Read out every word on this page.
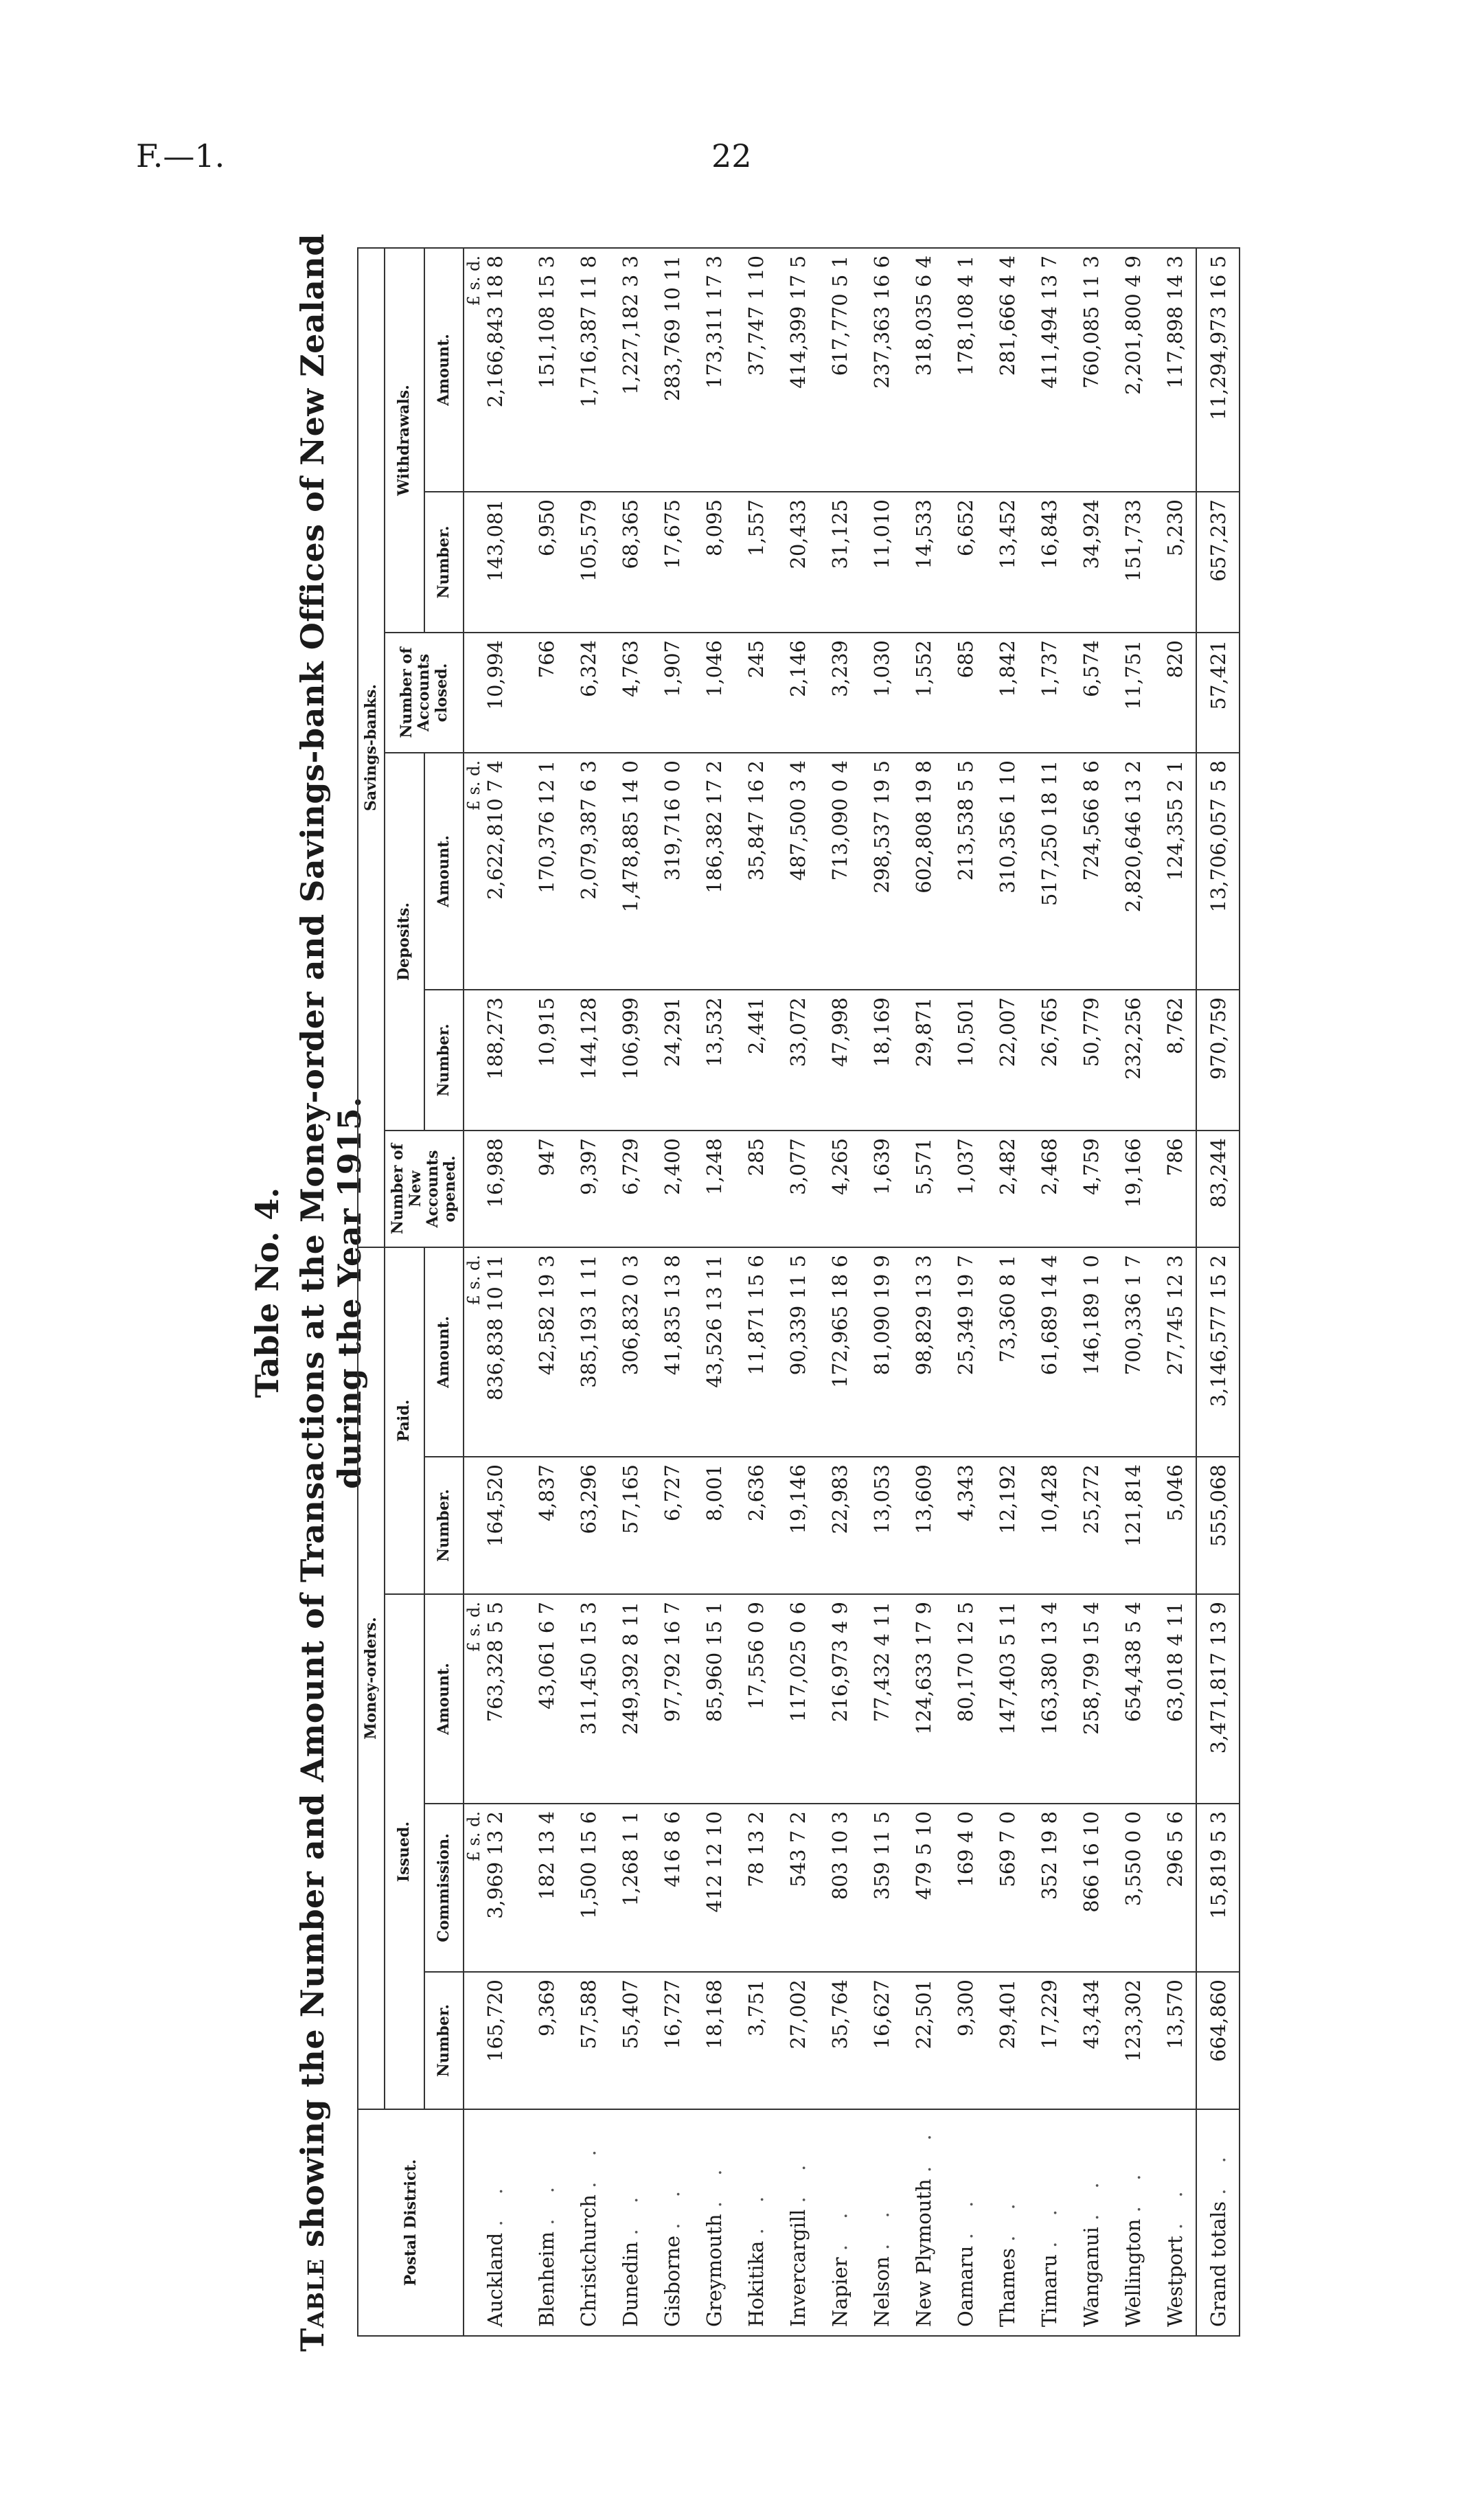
F.—1.	22
Table No. 4.
Table showing the Number and Amount of Transactions at the Money-order and Savings-bank Offices of New Zealand during the Year 1915.
Postal District.	Money-orders.					Savings-banks.					
	Issued.			Paid.		Number of New Accounts opened.	Deposits.		Number of Accounts closed.	Withdrawals.	
	Number.	Commission.	Amount.	Number.	Amount.		Number.	Amount.		Number.	Amount.
		£ s. d.	£ s. d.		£ s. d.			£ s. d.			£ s. d.
Auckland . .	165,720	3,969 13 2	763,328 5 5	164,520	836,838 10 11	16,988	188,273	2,622,810 7 4	10,994	143,081	2,166,843 18 8
Blenheim . .	9,369	182 13 4	43,061 6 7	4,837	42,582 19 3	947	10,915	170,376 12 1	766	6,950	151,108 15 3
Christchurch . .	57,588	1,500 15 6	311,450 15 3	63,296	385,193 1 11	9,397	144,128	2,079,387 6 3	6,324	105,579	1,716,387 11 8
Dunedin . .	55,407	1,268 1 1	249,392 8 11	57,165	306,832 0 3	6,729	106,999	1,478,885 14 0	4,763	68,365	1,227,182 3 3
Gisborne . .	16,727	416 8 6	97,792 16 7	6,727	41,835 13 8	2,400	24,291	319,716 0 0	1,907	17,675	283,769 10 11
Greymouth . .	18,168	412 12 10	85,960 15 1	8,001	43,526 13 11	1,248	13,532	186,382 17 2	1,046	8,095	173,311 17 3
Hokitika . .	3,751	78 13 2	17,556 0 9	2,636	11,871 15 6	285	2,441	35,847 16 2	245	1,557	37,747 1 10
Invercargill . .	27,002	543 7 2	117,025 0 6	19,146	90,339 11 5	3,077	33,072	487,500 3 4	2,146	20,433	414,399 17 5
Napier . .	35,764	803 10 3	216,973 4 9	22,983	172,965 18 6	4,265	47,998	713,090 0 4	3,239	31,125	617,770 5 1
Nelson . .	16,627	359 11 5	77,432 4 11	13,053	81,090 19 9	1,639	18,169	298,537 19 5	1,030	11,010	237,363 16 6
New Plymouth . .	22,501	479 5 10	124,633 17 9	13,609	98,829 13 3	5,571	29,871	602,808 19 8	1,552	14,533	318,035 6 4
Oamaru . .	9,300	169 4 0	80,170 12 5	4,343	25,349 19 7	1,037	10,501	213,538 5 5	685	6,652	178,108 4 1
Thames . .	29,401	569 7 0	147,403 5 11	12,192	73,360 8 1	2,482	22,007	310,356 1 10	1,842	13,452	281,666 4 4
Timaru . .	17,229	352 19 8	163,380 13 4	10,428	61,689 14 4	2,468	26,765	517,250 18 11	1,737	16,843	411,494 13 7
Wanganui . .	43,434	866 16 10	258,799 15 4	25,272	146,189 1 0	4,759	50,779	724,566 8 6	6,574	34,924	760,085 11 3
Wellington . .	123,302	3,550 0 0	654,438 5 4	121,814	700,336 1 7	19,166	232,256	2,820,646 13 2	11,751	151,733	2,201,800 4 9
Westport . .	13,570	296 5 6	63,018 4 11	5,046	27,745 12 3	786	8,762	124,355 2 1	820	5,230	117,898 14 3
Grand totals . .	664,860	15,819 5 3	3,471,817 13 9	555,068	3,146,577 15 2	83,244	970,759	13,706,057 5 8	57,421	657,237	11,294,973 16 5
